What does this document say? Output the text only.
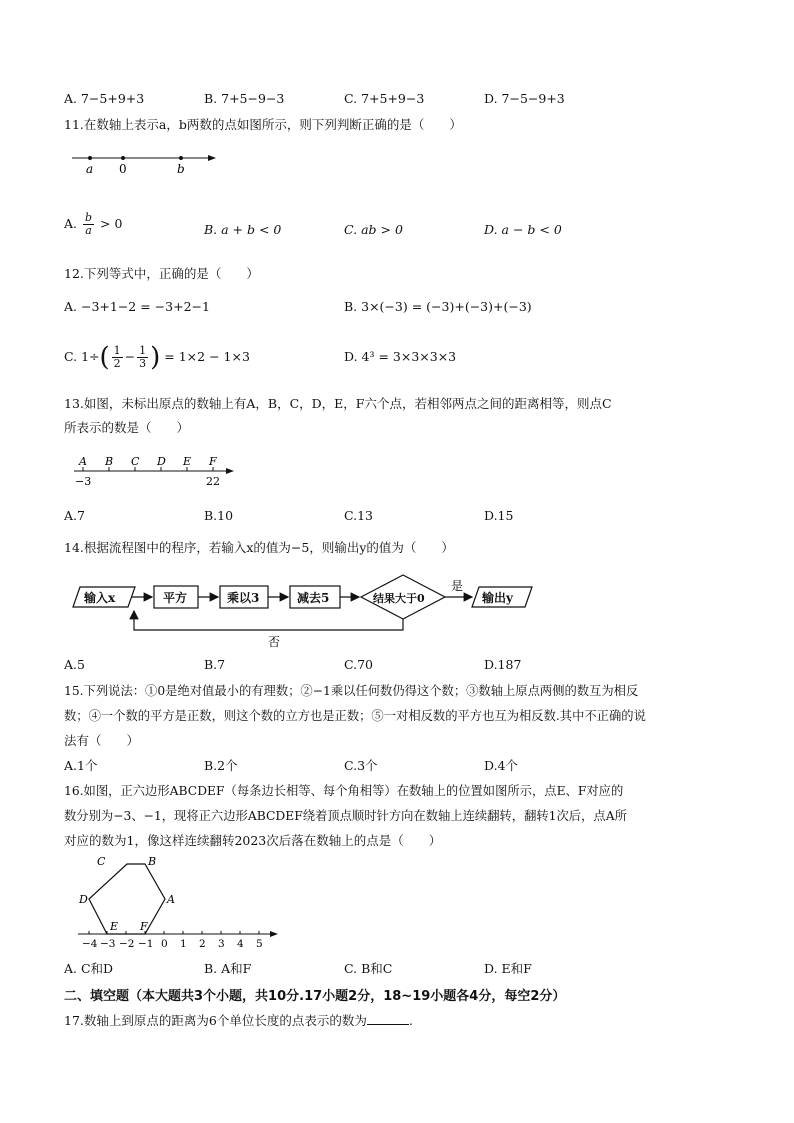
A. 7−5+9+3	B. 7+5−9−3	C. 7+5+9−3	D. 7−5−9+3
11.在数轴上表示a，b两数的点如图所示，则下列判断正确的是（　　）
a 0	b
A. $\frac{b}{a} > 0$	B. a + b < 0	C. ab > 0	D. a − b < 0
12.下列等式中，正确的是（　　）
A. −3+1−2 = −3+2−1	B. 3×(−3) = (−3)+(−3)+(−3)
C. $1\div( \frac{1}{2} - \frac{1}{3}$ ) = 1×2 − 1×3	D. 4³ = 3×3×3×3
13.如图，未标出原点的数轴上有A，B，C，D，E，F六个点，若相邻两点之间的距离相等，则点C
所表示的数是（　　）
A B C D E F
−3	22
A.7	B.10	C.13	D.15
14.根据流程图中的程序，若输入x的值为−5，则输出y的值为（　　）
输入x	平方	乘以3	减去5	结果大于0	输出y
是
否
A.5	B.7	C.70	D.187
15.下列说法：①0是绝对值最小的有理数；②−1乘以任何数仍得这个数；③数轴上原点两侧的数互为相反
数；④一个数的平方是正数，则这个数的立方也是正数；⑤一对相反数的平方也互为相反数.其中不正确的说
法有（　　）
A.1个	B.2个	C.3个	D.4个
16.如图，正六边形ABCDEF（每条边长相等、每个角相等）在数轴上的位置如图所示，点E、F对应的
数分别为−3、−1，现将正六边形ABCDEF绕着顶点顺时针方向在数轴上连续翻转，翻转1次后，点A所
对应的数为1，像这样连续翻转2023次后落在数轴上的点是（　　）
A
B
C
D
E F
−4 −3 −2 −1 0 1 2 3 4 5
A. C和D	B. A和F	C. B和C	D. E和F
二、填空题（本大题共3个小题，共10分.17小题2分，18~19小题各4分，每空2分）
17.数轴上到原点的距离为6个单位长度的点表示的数为	.
